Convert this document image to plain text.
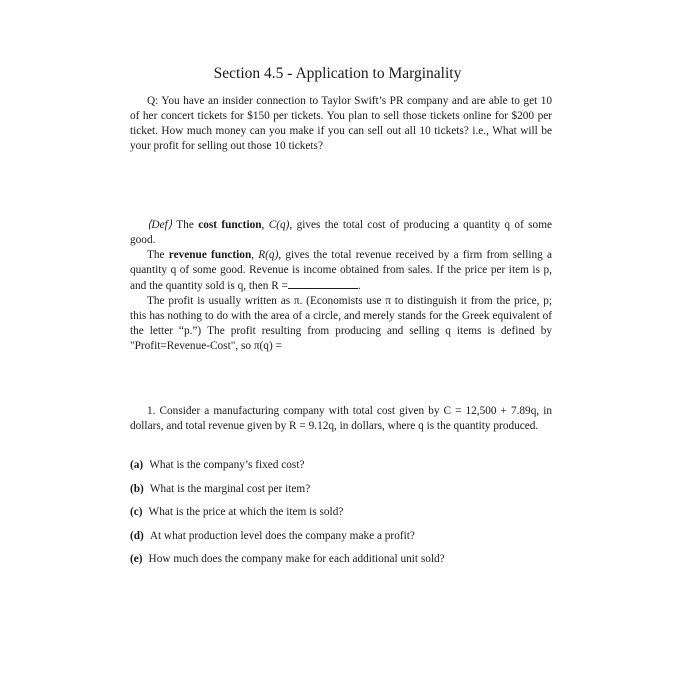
Section 4.5 - Application to Marginality

Q: You have an insider connection to Taylor Swift’s PR company and are able to get 10 of her concert tickets for $150 per tickets. You plan to sell those tickets online for $200 per ticket. How much money can you make if you can sell out all 10 tickets? i.e., What will be your profit for selling out those 10 tickets?

⟨Def⟩ The cost function, C(q), gives the total cost of producing a quantity q of some good.

The revenue function, R(q), gives the total revenue received by a firm from selling a quantity q of some good. Revenue is income obtained from sales. If the price per item is p, and the quantity sold is q, then R =	.

The profit is usually written as π. (Economists use π to distinguish it from the price, p; this has nothing to do with the area of a circle, and merely stands for the Greek equivalent of the letter “p.”) The profit resulting from producing and selling q items is defined by "Profit=Revenue-Cost", so π(q) =

1. Consider a manufacturing company with total cost given by C = 12,500 + 7.89q, in dollars, and total revenue given by R = 9.12q, in dollars, where q is the quantity produced.

(a) What is the company’s fixed cost?
(b) What is the marginal cost per item?
(c) What is the price at which the item is sold?
(d) At what production level does the company make a profit?
(e) How much does the company make for each additional unit sold?
